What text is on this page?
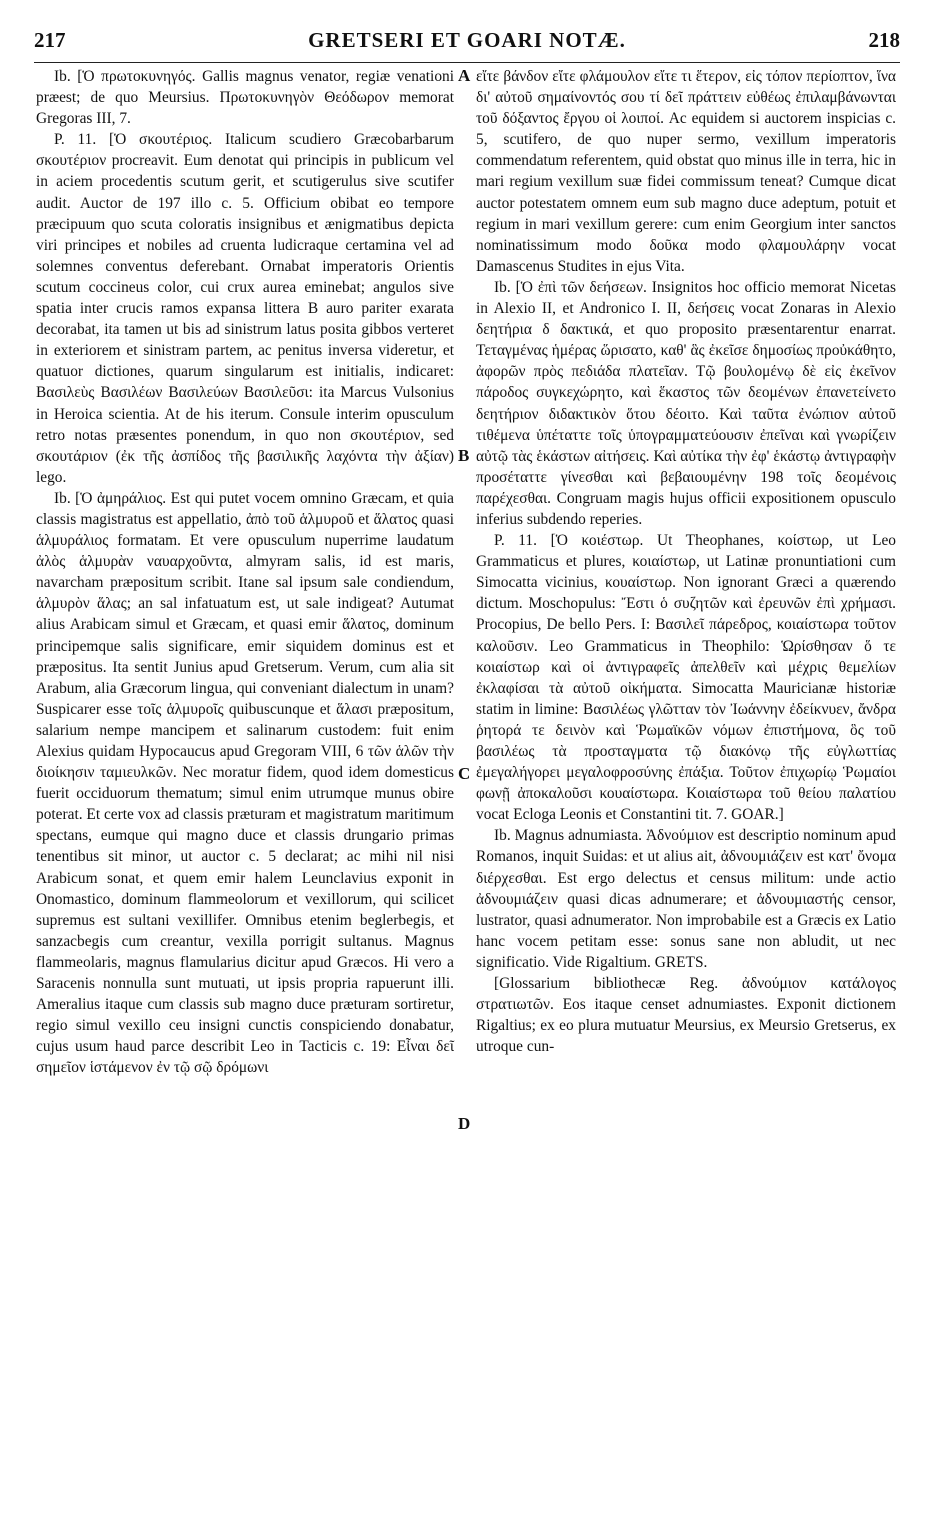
217	GRETSERI ET GOARI NOTÆ.	218

Ib. [Ὁ πρωτοκυνηγός. Gallis magnus venator, regiæ venationi præest; de quo Meursius. Πρωτοκυνηγὸν Θεόδωρον memorat Gregoras III, 7.

P. 11. [Ὁ σκουτέριος. Italicum scudiero Græcobarbarum σκουτέριον procreavit. Eum denotat qui principis in publicum vel in aciem procedentis scutum gerit, et scutigerulus sive scutifer audit. Auctor de 197 illo c. 5. Officium obibat eo tempore præcipuum quo scuta coloratis insignibus et ænigmatibus depicta viri principes et nobiles ad cruenta ludicraque certamina vel ad solemnes conventus deferebant. Ornabat imperatoris Orientis scutum coccineus color, cui crux aurea eminebat; angulos sive spatia inter crucis ramos expansa littera B auro pariter exarata decorabat, ita tamen ut bis ad sinistrum latus posita gibbos verteret in exteriorem et sinistram partem, ac penitus inversa videretur, et quatuor dictiones, quarum singularum est initialis, indicaret: Βασιλεὺς Βασιλέων Βασιλεύων Βασιλεῦσι: ita Marcus Vulsonius in Heroica scientia. At de his iterum. Consule interim opusculum retro notas præsentes ponendum, in quo non σκουτέριον, sed σκουτάριον (ἐκ τῆς ἀσπίδος τῆς βασιλικῆς λαχόντα τὴν ἀξίαν) lego.

Ib. [Ὁ ἀμηράλιος. Est qui putet vocem omnino Græcam, et quia classis magistratus est appellatio, ἀπὸ τοῦ ἁλμυροῦ et ἅλατος quasi ἁλμυράλιος formatam. Et vere opusculum nuperrime laudatum ἀλὸς ἁλμυρὰν ναυαρχοῦντα, almyram salis, id est maris, navarcham præpositum scribit. Itane sal ipsum sale condiendum, ἁλμυρὸν ἅλας; an sal infatuatum est, ut sale indigeat? Autumat alius Arabicam simul et Græcam, et quasi emir ἅλατος, dominum principemque salis significare, emir siquidem dominus est et præpositus. Ita sentit Junius apud Gretserum. Verum, cum alia sit Arabum, alia Græcorum lingua, qui conveniant dialectum in unam? Suspicarer esse τοῖς ἁλμυροῖς quibuscunque et ἅλασι præpositum, salarium nempe mancipem et salinarum custodem: fuit enim Alexius quidam Hypocaucus apud Gregoram VIII, 6 τῶν ἁλῶν τὴν διοίκησιν ταμιευλκῶν. Nec moratur fidem, quod idem domesticus fuerit occiduorum thematum; simul enim utrumque munus obire poterat. Et certe vox ad classis præturam et magistratum maritimum spectans, eumque qui magno duce et classis drungario primas tenentibus sit minor, ut auctor c. 5 declarat; ac mihi nil nisi Arabicum sonat, et quem emir halem Leunclavius exponit in Onomastico, dominum flammeolorum et vexillorum, qui scilicet supremus est sultani vexillifer. Omnibus etenim beglerbegis, et sanzacbegis cum creantur, vexilla porrigit sultanus. Magnus flammeolaris, magnus flamularius dicitur apud Græcos. Hi vero a Saracenis nonnulla sunt mutuati, ut ipsis propria rapuerunt illi. Ameralius itaque cum classis sub magno duce præturam sortiretur, regio simul vexillo ceu insigni cunctis conspiciendo donabatur, cujus usum haud parce describit Leo in Tacticis c. 19: Εἶναι δεῖ σημεῖον ἱστάμενον ἐν τῷ σῷ δρόμωνι

A
B
C
D

εἴτε βάνδον εἴτε φλάμουλον εἴτε τι ἕτερον, εἰς τόπον περίοπτον, ἵνα δι' αὐτοῦ σημαίνοντός σου τί δεῖ πράττειν εὐθέως ἐπιλαμβάνωνται τοῦ δόξαντος ἔργου οἱ λοιποί. Ac equidem si auctorem inspicias c. 5, scutifero, de quo nuper sermo, vexillum imperatoris commendatum referentem, quid obstat quo minus ille in terra, hic in mari regium vexillum suæ fidei commissum teneat? Cumque dicat auctor potestatem omnem eum sub magno duce adeptum, potuit et regium in mari vexillum gerere: cum enim Georgium inter sanctos nominatissimum modo δοῦκα modo φλαμουλάρην vocat Damascenus Studites in ejus Vita.

Ib. [Ὁ ἐπὶ τῶν δεήσεων. Insignitos hoc officio memorat Nicetas in Alexio II, et Andronico I. II, δεήσεις vocat Zonaras in Alexio δεητήρια δ δακτικά, et quo proposito præsentarentur enarrat. Τεταγμένας ἡμέρας ὥρισατο, καθ' ἃς ἐκεῖσε δημοσίως προὐκάθητο, ἀφορῶν πρὸς πεδιάδα πλατεῖαν. Τῷ βουλομένῳ δὲ εἰς ἐκεῖνον πάροδος συγκεχώρητο, καὶ ἕκαστος τῶν δεομένων ἐπανετείνετο δεητήριον διδακτικὸν ὅτου δέοιτο. Καὶ ταῦτα ἐνώπιον αὐτοῦ τιθέμενα ὑπέταττε τοῖς ὑπογραμματεύουσιν ἐπεῖναι καὶ γνωρίζειν αὐτῷ τὰς ἑκάστων αἰτήσεις. Καὶ αὐτίκα τὴν ἐφ' ἑκάστῳ ἀντιγραφὴν προσέταττε γίνεσθαι καὶ βεβαιουμένην 198 τοῖς δεομένοις παρέχεσθαι. Congruam magis hujus officii expositionem opusculo inferius subdendo reperies.

P. 11. [Ὁ κοιέστωρ. Ut Theophanes, κοίστωρ, ut Leo Grammaticus et plures, κοιαίστωρ, ut Latinæ pronuntiationi cum Simocatta vicinius, κουαίστωρ. Non ignorant Græci a quærendo dictum. Moschopulus: Ἔστι ὁ συζητῶν καὶ ἐρευνῶν ἐπὶ χρήμασι. Procopius, De bello Pers. I: Βασιλεῖ πάρεδρος, κοιαίστωρα τοῦτον καλοῦσιν. Leo Grammaticus in Theophilo: Ὡρίσθησαν ὅ τε κοιαίστωρ καὶ οἱ ἀντιγραφεῖς ἀπελθεῖν καὶ μέχρις θεμελίων ἐκλαφίσαι τὰ αὐτοῦ οἰκήματα. Simocatta Mauricianæ historiæ statim in limine: Βασιλέως γλῶτταν τὸν Ἰωάννην ἐδείκνυεν, ἄνδρα ῥητορά τε δεινὸν καὶ Ῥωμαϊκῶν νόμων ἐπιστήμονα, ὃς τοῦ βασιλέως τὰ προσταγματα τῷ διακόνῳ τῆς εὐγλωττίας ἐμεγαλήγορει μεγαλοφροσύνης ἐπάξια. Τοῦτον ἐπιχωρίῳ Ῥωμαίοι φωνῇ ἀποκαλοῦσι κουαίστωρα. Κοιαίστωρα τοῦ θείου παλατίου vocat Ecloga Leonis et Constantini tit. 7. GOAR.]

Ib. Magnus adnumiasta. Ἀδνούμιον est descriptio nominum apud Romanos, inquit Suidas: et ut alius ait, ἀδνουμιάζειν est κατ' ὄνομα διέρχεσθαι. Est ergo delectus et census militum: unde actio ἀδνουμιάζειν quasi dicas adnumerare; et ἀδνουμιαστής censor, lustrator, quasi adnumerator. Non improbabile est a Græcis ex Latio hanc vocem petitam esse: sonus sane non abludit, ut nec significatio. Vide Rigaltium. GRETS.

[Glossarium bibliothecæ Reg. ἀδνούμιον κατάλογος στρατιωτῶν. Eos itaque censet adnumiastes. Exponit dictionem Rigaltius; ex eo plura mutuatur Meursius, ex Meursio Gretserus, ex utroque cun-
